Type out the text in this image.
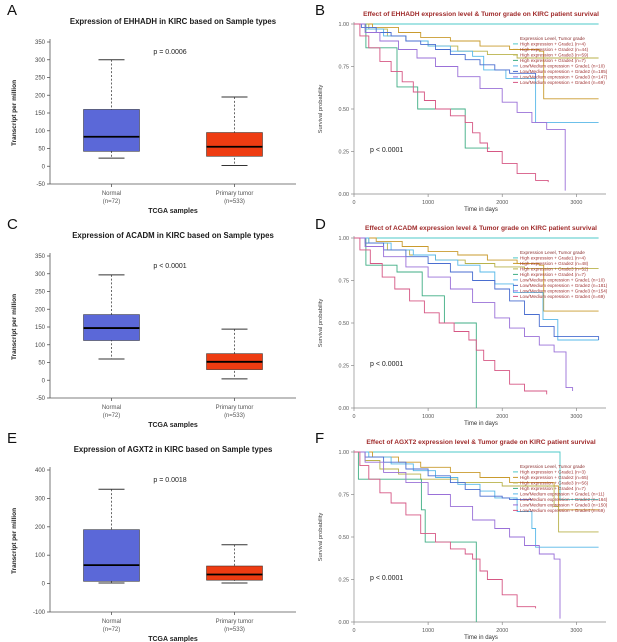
A
Expression of EHHADH in KIRC based on Sample types
p = 0.0006
Transcript per million
350
300
250
200
150
100
50
0
-50
Normal
(n=72)
Primary tumor
(n=533)
TCGA samples
B	Effect of EHHADH expression level & Tumor grade on KIRC patient survival
Survival probability
1.00
0.75
0.50
0.25
0.00
0	1000	2000	3000
Time in days
p < 0.0001
Expression Level, Tumor grade
High expression + Grade1 (n=4)
High expression + Grade2 (n=44)
High expression + Grade3 (n=59)
High expression + Grade4 (n=7)
Low/Medium expression + Grade1 (n=10)
Low/Medium expression + Grade2 (n=185)
Low/Medium expression + Grade3 (n=147)
Low/Medium expression + Grade4 (n=69)
C
Expression of ACADM in KIRC based on Sample types
p < 0.0001
Transcript per million
350
300
250
200
150
100
50
0
-50
Normal
(n=72)
Primary tumor
(n=533)
TCGA samples
D	Effect of ACADM expression level & Tumor grade on KIRC patient survival
Survival probability
1.00
0.75
0.50
0.25
0.00
0	1000	2000	3000
Time in days
p < 0.0001
Expression Level, Tumor grade
High expression + Grade1 (n=4)
High expression + Grade2 (n=48)
High expression + Grade3 (n=52)
High expression + Grade4 (n=7)
Low/Medium expression + Grade1 (n=10)
Low/Medium expression + Grade2 (n=181)
Low/Medium expression + Grade3 (n=154)
Low/Medium expression + Grade4 (n=69)
E
Expression of AGXT2 in KIRC based on Sample types
p = 0.0018
Transcript per million
400
300
200
100
0
-100
Normal
(n=72)
Primary tumor
(n=533)
TCGA samples
F	Effect of AGXT2 expression level & Tumor grade on KIRC patient survival
Survival probability
1.00
0.75
0.50
0.25
0.00
0	1000	2000	3000
Time in days
p < 0.0001
Expression Level, Tumor grade
High expression + Grade1 (n=3)
High expression + Grade2 (n=65)
High expression + Grade3 (n=56)
High expression + Grade4 (n=7)
Low/Medium expression + Grade1 (n=11)
Low/Medium expression + Grade2 (n=164)
Low/Medium expression + Grade3 (n=150)
Low/Medium expression + Grade4 (n=69)
